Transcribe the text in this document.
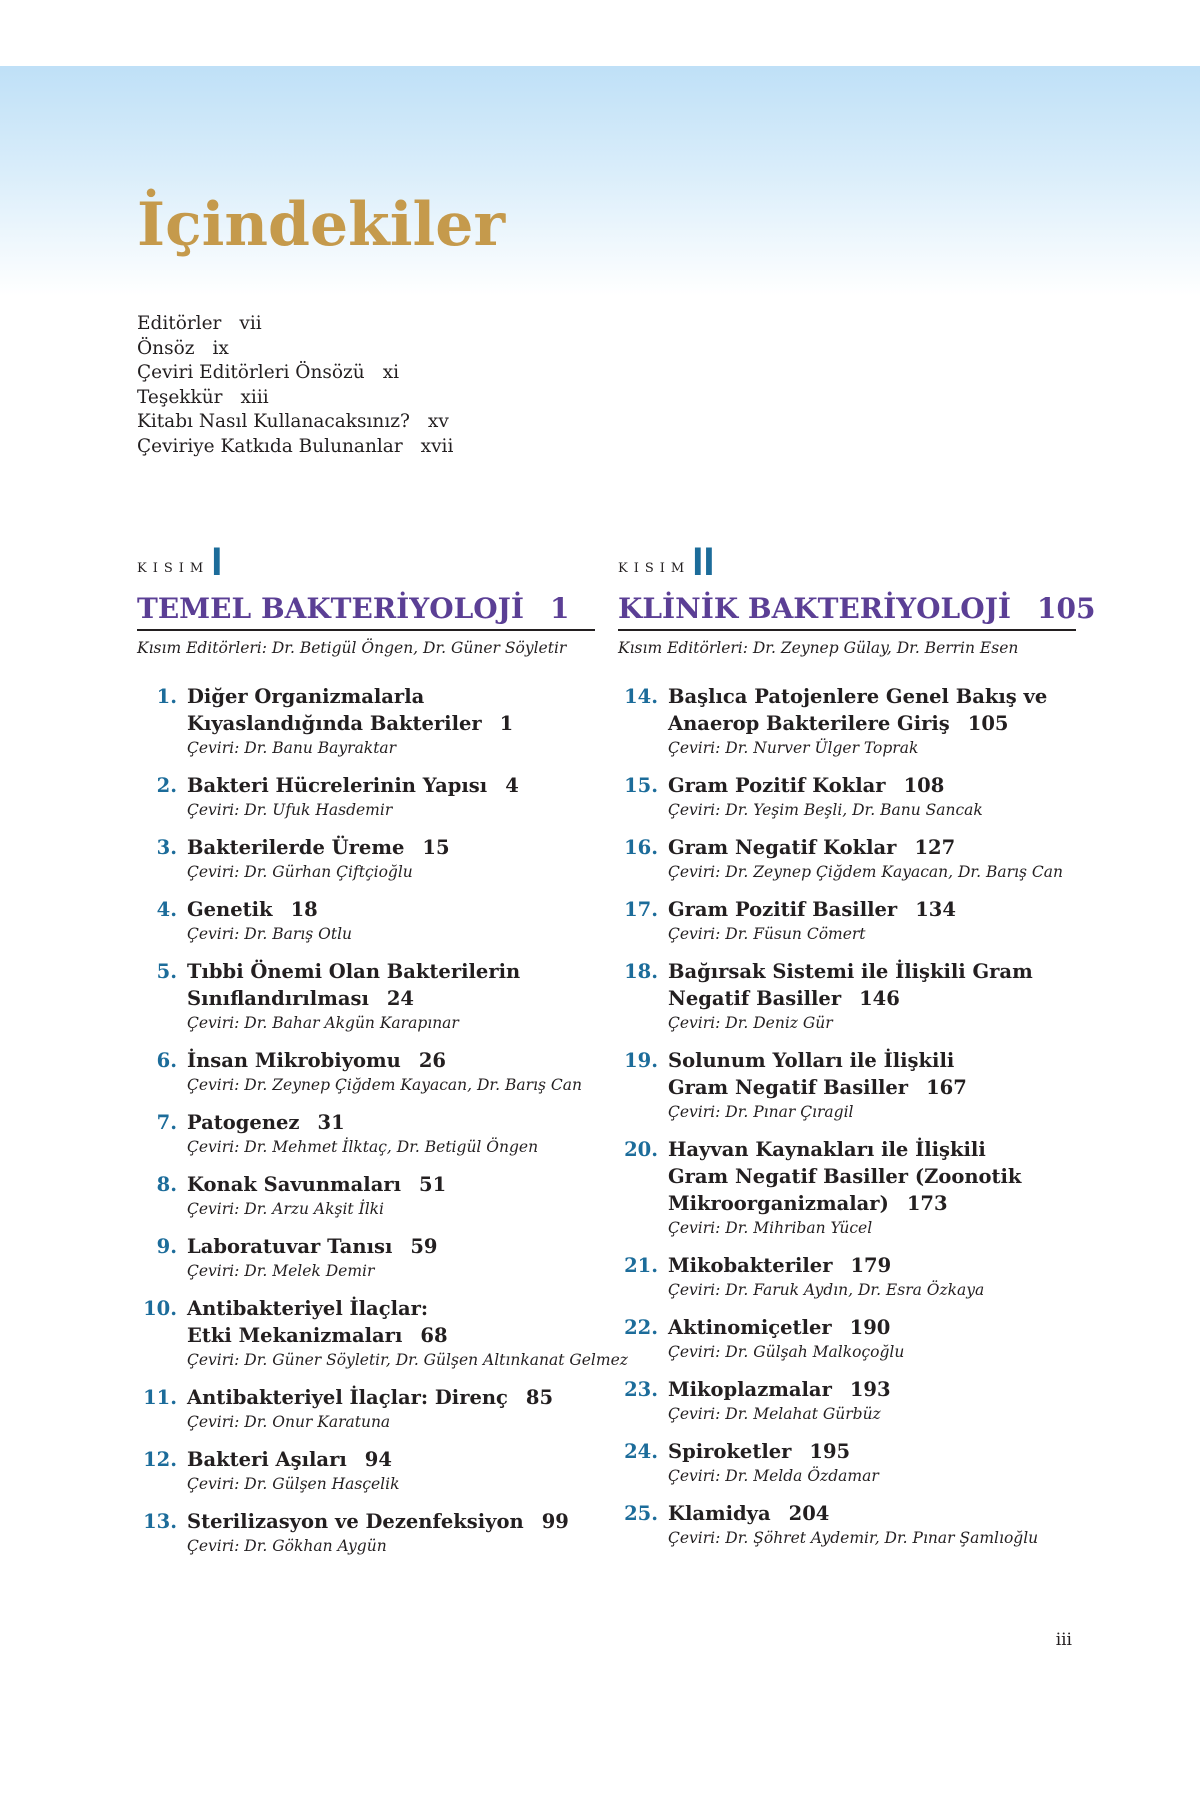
İçindekiler
Editörler vii
Önsöz ix
Çeviri Editörleri Önsözü xi
Teşekkür xiii
Kitabı Nasıl Kullanacaksınız? xv
Çeviriye Katkıda Bulunanlar xvii
KISIM I
TEMEL BAKTERİYOLOJİ 1

Kısım Editörleri: Dr. Betigül Öngen, Dr. Güner Söyletir

1. Diğer Organizmalarla
Kıyaslandığında Bakteriler 1
Çeviri: Dr. Banu Bayraktar
2. Bakteri Hücrelerinin Yapısı 4
Çeviri: Dr. Ufuk Hasdemir
3. Bakterilerde Üreme 15
Çeviri: Dr. Gürhan Çiftçioğlu
4. Genetik 18
Çeviri: Dr. Barış Otlu
5. Tıbbi Önemi Olan Bakterilerin
Sınıflandırılması 24
Çeviri: Dr. Bahar Akgün Karapınar
6. İnsan Mikrobiyomu 26
Çeviri: Dr. Zeynep Çiğdem Kayacan, Dr. Barış Can
7. Patogenez 31
Çeviri: Dr. Mehmet İlktaç, Dr. Betigül Öngen
8. Konak Savunmaları 51
Çeviri: Dr. Arzu Akşit İlki
9. Laboratuvar Tanısı 59
Çeviri: Dr. Melek Demir
10. Antibakteriyel İlaçlar:
Etki Mekanizmaları 68
Çeviri: Dr. Güner Söyletir, Dr. Gülşen Altınkanat Gelmez
11. Antibakteriyel İlaçlar: Direnç 85
Çeviri: Dr. Onur Karatuna
12. Bakteri Aşıları 94
Çeviri: Dr. Gülşen Hasçelik
13. Sterilizasyon ve Dezenfeksiyon 99
Çeviri: Dr. Gökhan Aygün
KISIM II
KLİNİK BAKTERİYOLOJİ 105

Kısım Editörleri: Dr. Zeynep Gülay, Dr. Berrin Esen

14. Başlıca Patojenlere Genel Bakış ve
Anaerop Bakterilere Giriş 105
Çeviri: Dr. Nurver Ülger Toprak
15. Gram Pozitif Koklar 108
Çeviri: Dr. Yeşim Beşli, Dr. Banu Sancak
16. Gram Negatif Koklar 127
Çeviri: Dr. Zeynep Çiğdem Kayacan, Dr. Barış Can
17. Gram Pozitif Basiller 134
Çeviri: Dr. Füsun Cömert
18. Bağırsak Sistemi ile İlişkili Gram
Negatif Basiller 146
Çeviri: Dr. Deniz Gür
19. Solunum Yolları ile İlişkili
Gram Negatif Basiller 167
Çeviri: Dr. Pınar Çıragil
20. Hayvan Kaynakları ile İlişkili
Gram Negatif Basiller (Zoonotik
Mikroorganizmalar) 173
Çeviri: Dr. Mihriban Yücel
21. Mikobakteriler 179
Çeviri: Dr. Faruk Aydın, Dr. Esra Özkaya
22. Aktinomiçetler 190
Çeviri: Dr. Gülşah Malkoçoğlu
23. Mikoplazmalar 193
Çeviri: Dr. Melahat Gürbüz
24. Spiroketler 195
Çeviri: Dr. Melda Özdamar
25. Klamidya 204
Çeviri: Dr. Şöhret Aydemir, Dr. Pınar Şamlıoğlu
iii
